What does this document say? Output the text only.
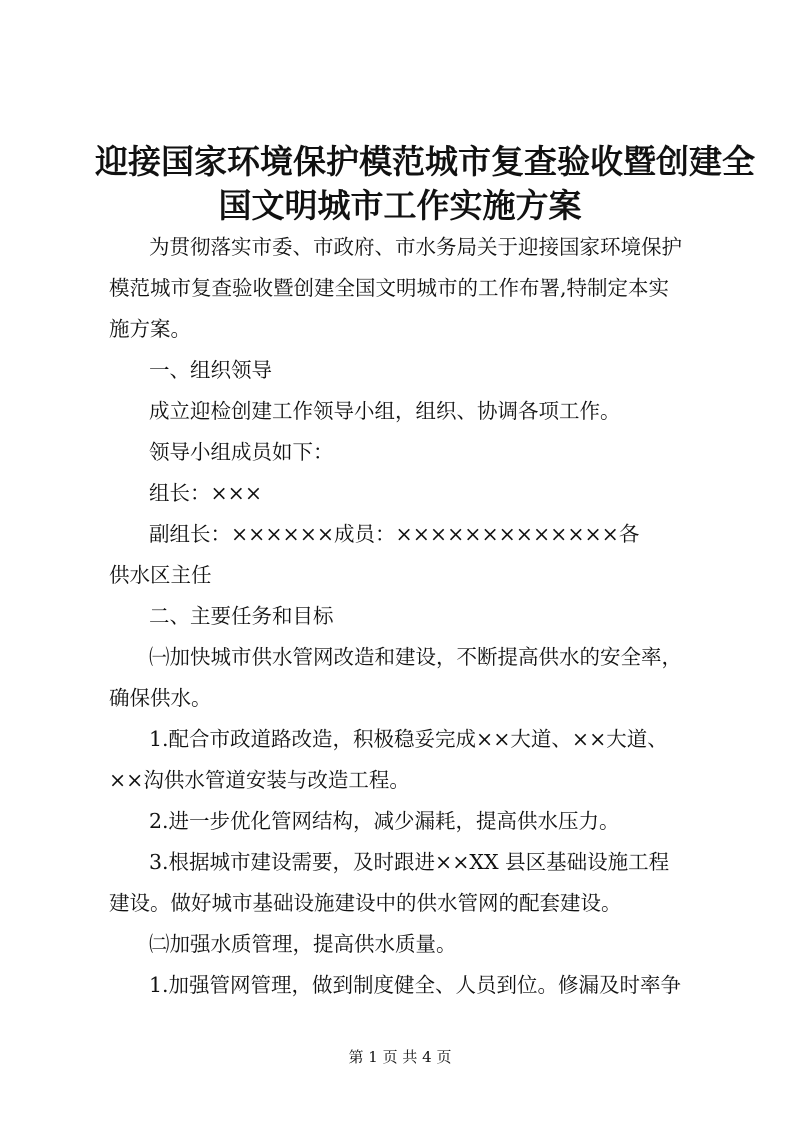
迎接国家环境保护模范城市复查验收暨创建全
国文明城市工作实施方案

为贯彻落实市委、市政府、市水务局关于迎接国家环境保护

模范城市复查验收暨创建全国文明城市的工作布署,特制定本实

施方案。

一、组织领导

成立迎检创建工作领导小组，组织、协调各项工作。

领导小组成员如下：

组长：×××

副组长：××××××成员：×××××××××××××各

供水区主任

二、主要任务和目标

㈠加快城市供水管网改造和建设，不断提高供水的安全率，

确保供水。

1.配合市政道路改造，积极稳妥完成××大道、××大道、

××沟供水管道安装与改造工程。

2.进一步优化管网结构，减少漏耗，提高供水压力。

3.根据城市建设需要，及时跟进××XX 县区基础设施工程

建设。做好城市基础设施建设中的供水管网的配套建设。

㈡加强水质管理，提高供水质量。

1.加强管网管理，做到制度健全、人员到位。修漏及时率争

第 1 页 共 4 页
